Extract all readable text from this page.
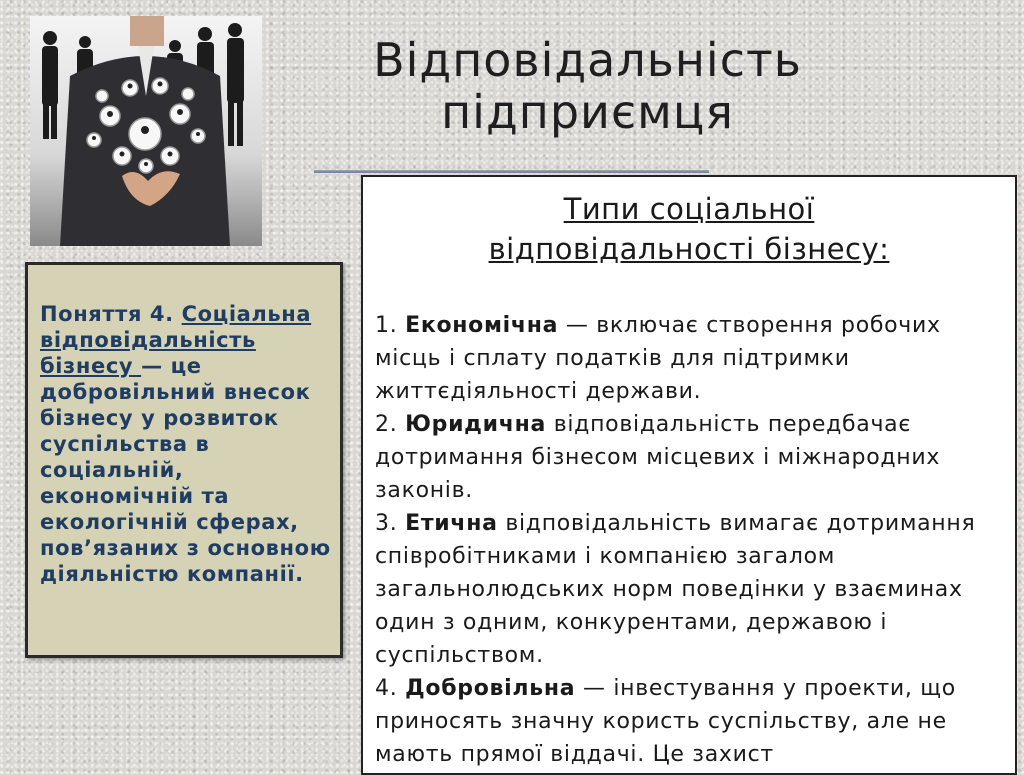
Відповідальність
підприємця
Поняття 4. Соціальна відповідальність бізнесу — це добровільний внесок бізнесу у розвиток суспільства в соціальній, економічній та екологічній сферах, пов’язаних з основною діяльністю компанії.
Типи соціальної
відповідальності бізнесу:
1. Економічна — включає створення робочих місць і сплату податків для підтримки життєдіяльності держави.
2. Юридична відповідальність передбачає дотримання бізнесом місцевих і міжнародних законів.
3. Етична відповідальність вимагає дотримання співробітниками і компанією загалом загальнолюдських норм поведінки у взаєминах один з одним, конкурентами, державою і суспільством.
4. Добровільна — інвестування у проекти, що приносять значну користь суспільству, але не мають прямої віддачі. Це захист
